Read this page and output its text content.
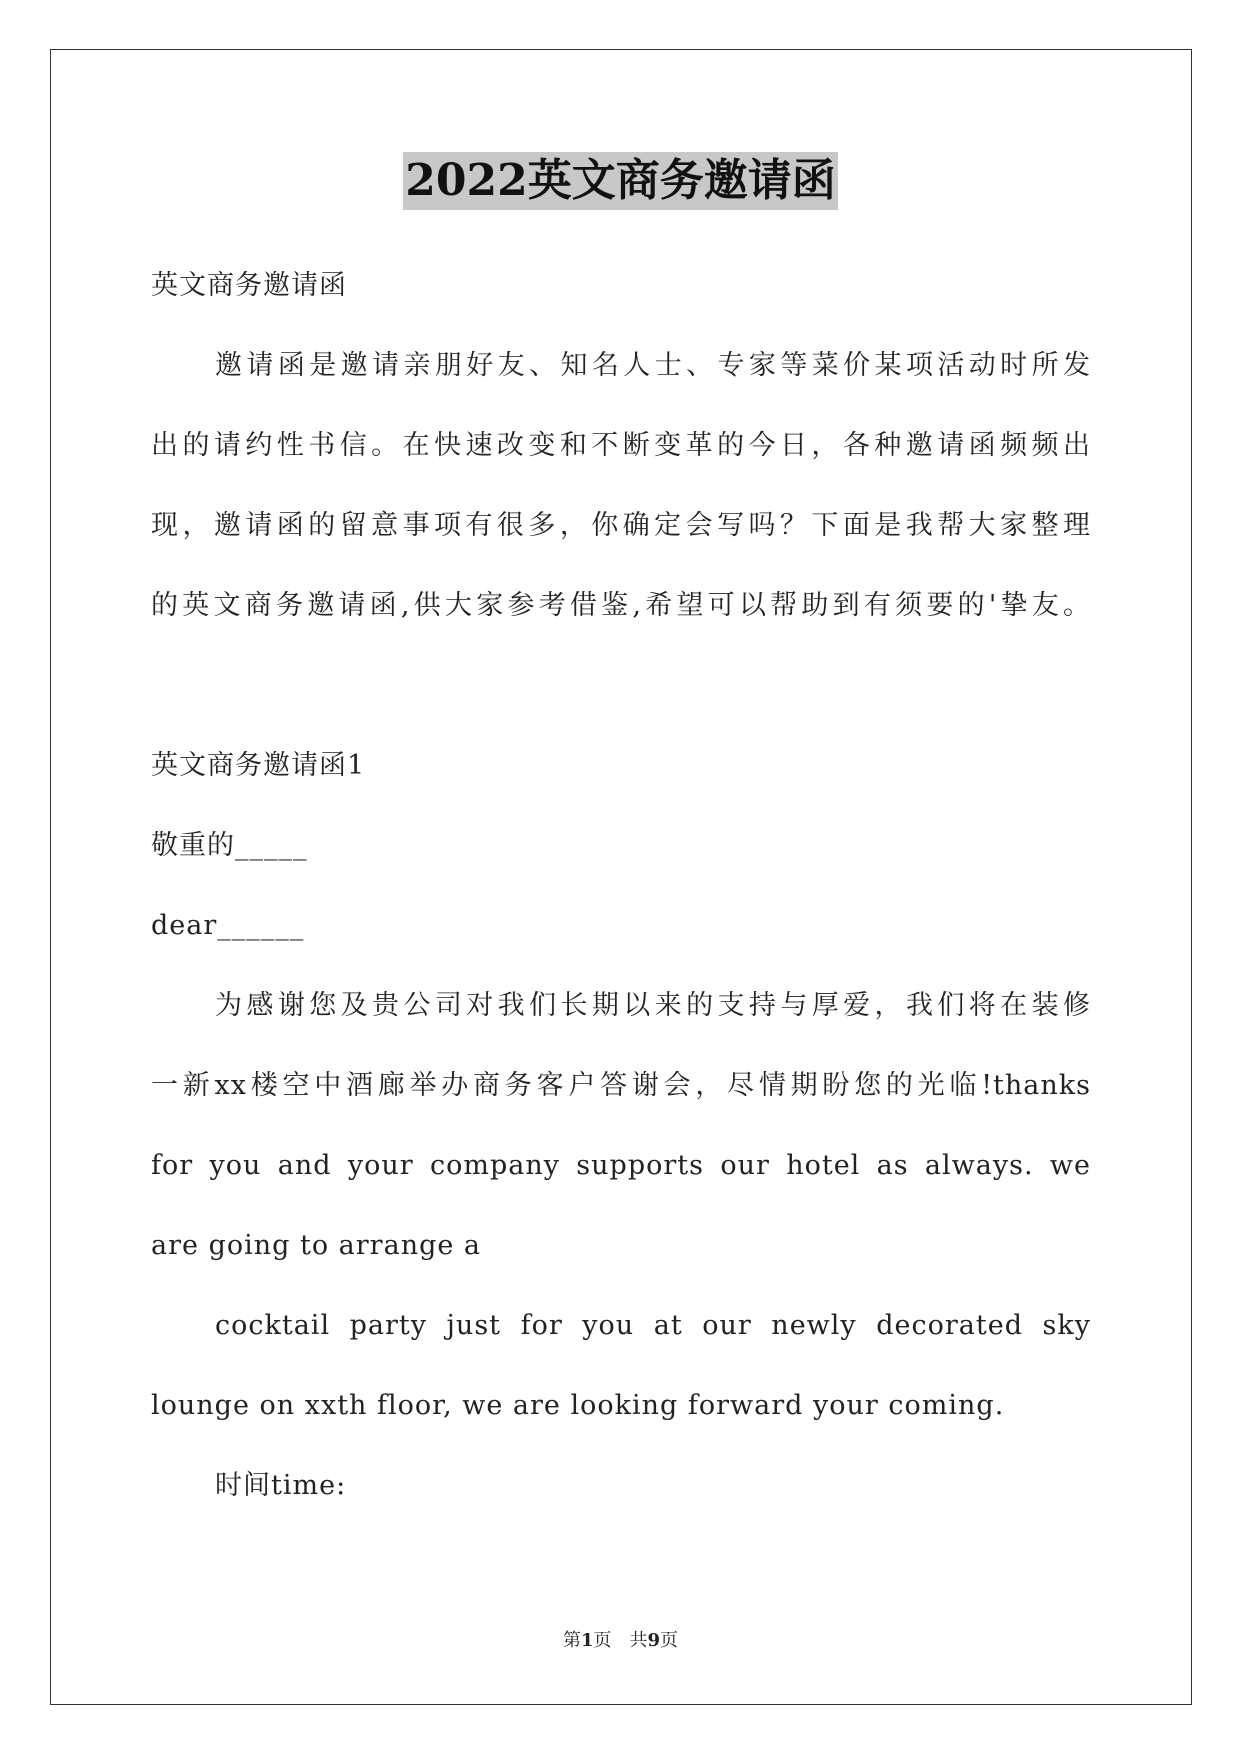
2022英文商务邀请函
英文商务邀请函
邀请函是邀请亲朋好友、知名人士、专家等菜价某项活动时所发
出的请约性书信。在快速改变和不断变革的今日，各种邀请函频频出
现，邀请函的留意事项有很多，你确定会写吗？下面是我帮大家整理
的英文商务邀请函,供大家参考借鉴,希望可以帮助到有须要的'挚友。
英文商务邀请函1
敬重的_____
dear______
为感谢您及贵公司对我们长期以来的支持与厚爱，我们将在装修
一新xx楼空中酒廊举办商务客户答谢会，尽情期盼您的光临!thanks
for you and your company supports our hotel as always. we
are going to arrange a
cocktail party just for you at our newly decorated sky
lounge on xxth floor, we are looking forward your coming.
时间time:
第1页 共9页
